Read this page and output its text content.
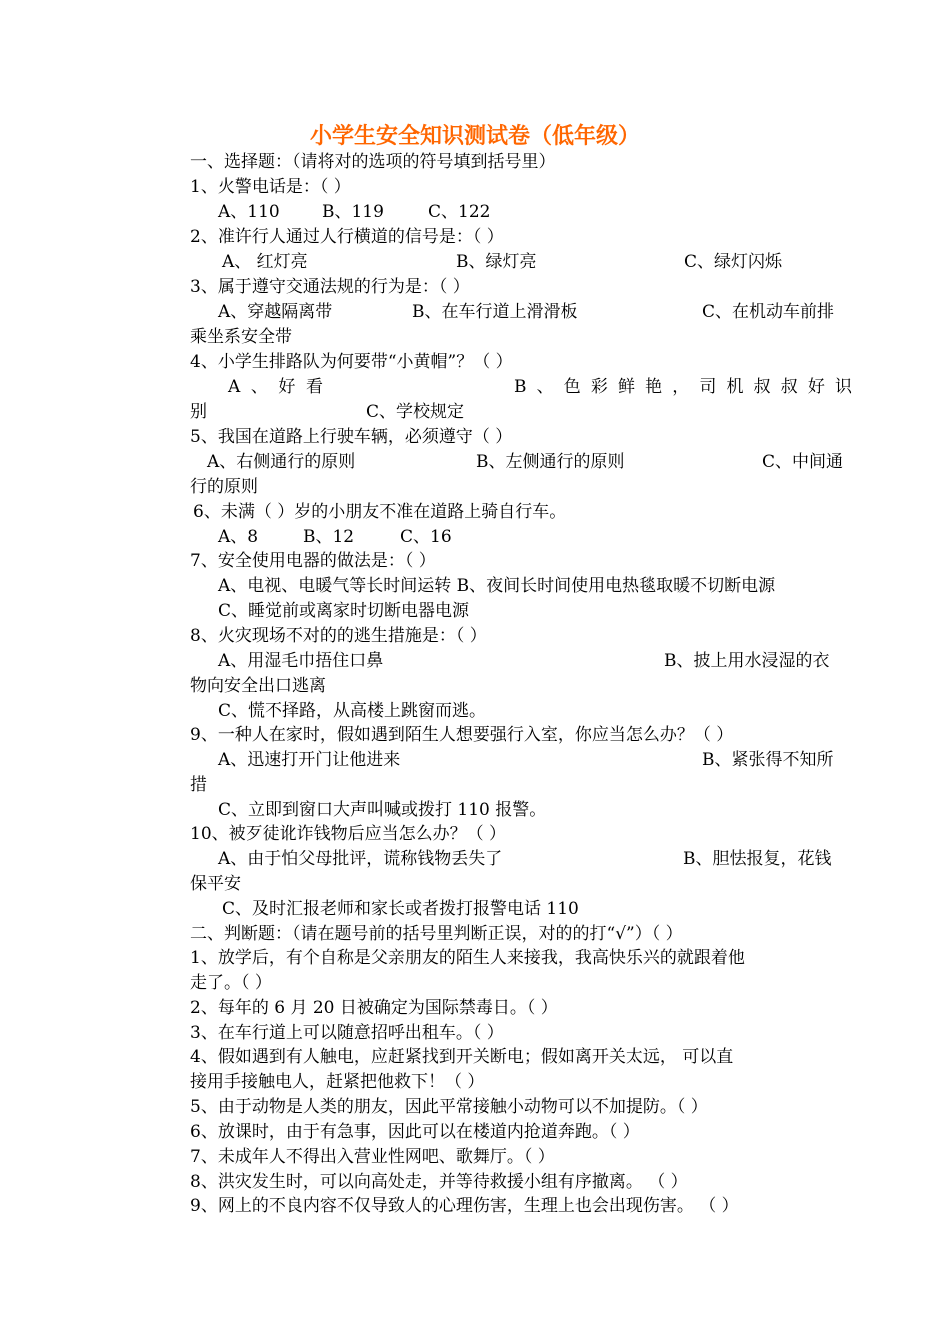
小学生安全知识测试卷（低年级）
一、选择题：（请将对的选项的符号填到括号里）
1、火警电话是：（ ）
A、110 B、119	C、122
2、准许行人通过人行横道的信号是：（ ）
A、 红灯亮	B、绿灯亮	C、绿灯闪烁
3、属于遵守交通法规的行为是：（ ）
A、穿越隔离带	B、在车行道上滑滑板	C、在机动车前排
乘坐系安全带
4、小学生排路队为何要带“小黄帽”？（ ）
A、好看	B、色彩鲜艳，司机叔叔好识
别	C、学校规定
5、我国在道路上行驶车辆，必须遵守（ ）
A、右侧通行的原则	B、左侧通行的原则	C、中间通
行的原则
6、未满（ ）岁的小朋友不准在道路上骑自行车。
A、8	B、12	C、16
7、安全使用电器的做法是：（ ）
A、电视、电暖气等长时间运转 B、夜间长时间使用电热毯取暖不切断电源
C、睡觉前或离家时切断电器电源
8、火灾现场不对的的逃生措施是：（ ）
A、用湿毛巾捂住口鼻	B、披上用水浸湿的衣
物向安全出口逃离
C、慌不择路，从高楼上跳窗而逃。
9、一种人在家时，假如遇到陌生人想要强行入室，你应当怎么办？（ ）
A、迅速打开门让他进来	B、紧张得不知所
措
C、立即到窗口大声叫喊或拨打 110 报警。
10、被歹徒讹诈钱物后应当怎么办？（ ）
A、由于怕父母批评，谎称钱物丢失了	B、胆怯报复，花钱
保平安
C、及时汇报老师和家长或者拨打报警电话 110
二、判断题：（请在题号前的括号里判断正误，对的的打“√”）（ ）
1、放学后，有个自称是父亲朋友的陌生人来接我，我高快乐兴的就跟着他
走了。（ ）
2、每年的 6 月 20 日被确定为国际禁毒日。（ ）
3、在车行道上可以随意招呼出租车。（ ）
4、假如遇到有人触电，应赶紧找到开关断电；假如离开关太远， 可以直
接用手接触电人，赶紧把他救下！（ ）
5、由于动物是人类的朋友，因此平常接触小动物可以不加提防。（ ）
6、放课时，由于有急事，因此可以在楼道内抢道奔跑。（ ）
7、未成年人不得出入营业性网吧、歌舞厅。（ ）
8、洪灾发生时，可以向高处走，并等待救援小组有序撤离。 （ ）
9、网上的不良内容不仅导致人的心理伤害，生理上也会出现伤害。 （ ）
